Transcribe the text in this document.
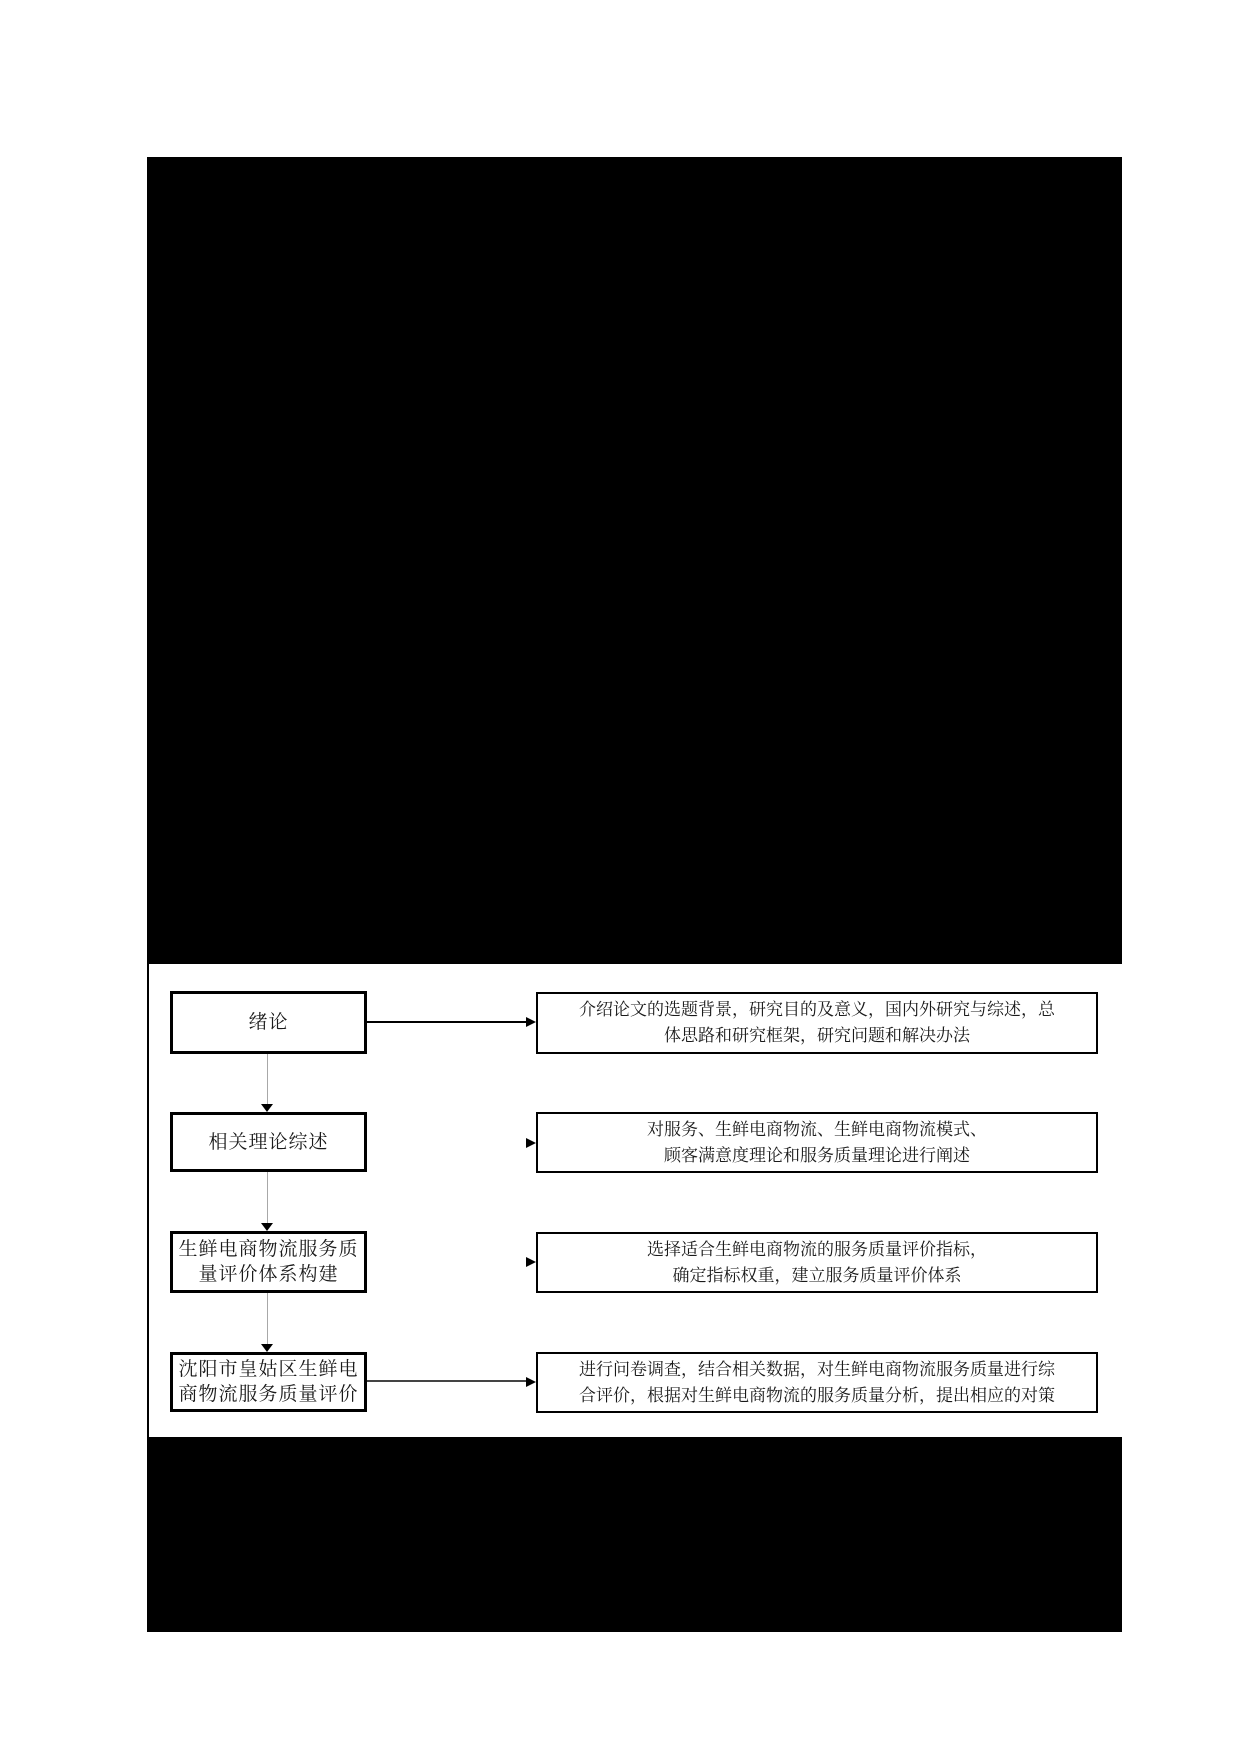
绪论
介绍论文的选题背景，研究目的及意义，国内外研究与综述，总
体思路和研究框架，研究问题和解决办法
相关理论综述
对服务、生鲜电商物流、生鲜电商物流模式、
顾客满意度理论和服务质量理论进行阐述
生鲜电商物流服务质
量评价体系构建
选择适合生鲜电商物流的服务质量评价指标，
确定指标权重，建立服务质量评价体系
沈阳市皇姑区生鲜电
商物流服务质量评价
进行问卷调查，结合相关数据，对生鲜电商物流服务质量进行综
合评价，根据对生鲜电商物流的服务质量分析，提出相应的对策
